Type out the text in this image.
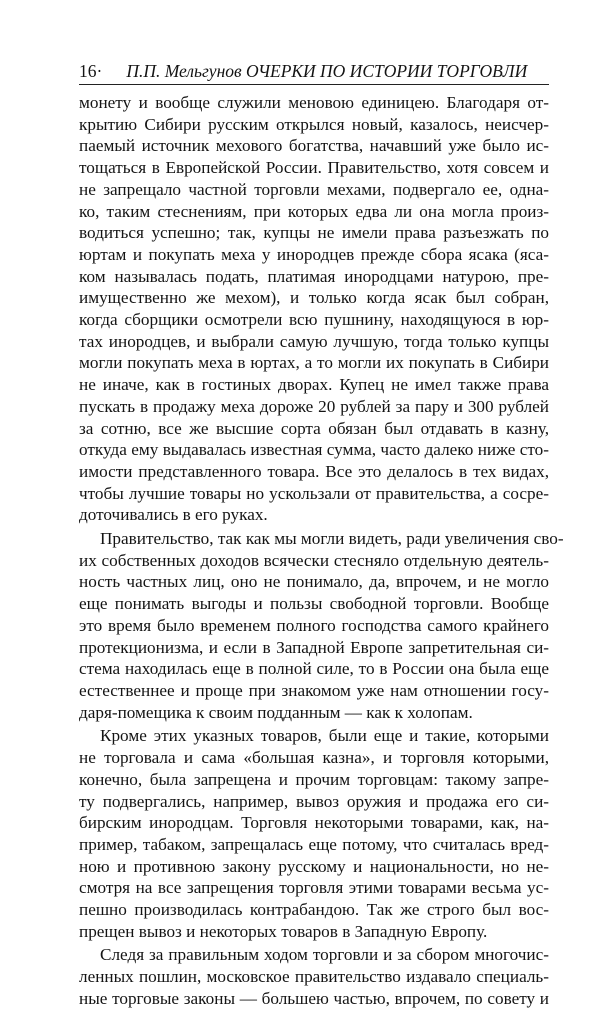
16· П.П. Мельгунов ОЧЕРКИ ПО ИСТОРИИ ТОРГОВЛИ
монету и вообще служили меновою единицею. Благодаря от-
крытию Сибири русским открылся новый, казалось, неисчер-
паемый источник мехового богатства, начавший уже было ис-
тощаться в Европейской России. Правительство, хотя совсем и
не запрещало частной торговли мехами, подвергало ее, одна-
ко, таким стеснениям, при которых едва ли она могла произ-
водиться успешно; так, купцы не имели права разъезжать по
юртам и покупать меха у инородцев прежде сбора ясака (яса-
ком называлась подать, платимая инородцами натурою, пре-
имущественно же мехом), и только когда ясак был собран,
когда сборщики осмотрели всю пушнину, находящуюся в юр-
тах инородцев, и выбрали самую лучшую, тогда только купцы
могли покупать меха в юртах, а то могли их покупать в Сибири
не иначе, как в гостиных дворах. Купец не имел также права
пускать в продажу меха дороже 20 рублей за пару и 300 рублей
за сотню, все же высшие сорта обязан был отдавать в казну,
откуда ему выдавалась известная сумма, часто далеко ниже сто-
имости представленного товара. Все это делалось в тех видах,
чтобы лучшие товары но ускользали от правительства, а сосре-
доточивались в его руках.
Правительство, так как мы могли видеть, ради увеличения сво-
их собственных доходов всячески стесняло отдельную деятель-
ность частных лиц, оно не понимало, да, впрочем, и не могло
еще понимать выгоды и пользы свободной торговли. Вообще
это время было временем полного господства самого крайнего
протекционизма, и если в Западной Европе запретительная си-
стема находилась еще в полной силе, то в России она была еще
естественнее и проще при знакомом уже нам отношении госу-
даря-помещика к своим подданным — как к холопам.
Кроме этих указных товаров, были еще и такие, которыми
не торговала и сама «большая казна», и торговля которыми,
конечно, была запрещена и прочим торговцам: такому запре-
ту подвергались, например, вывоз оружия и продажа его си-
бирским инородцам. Торговля некоторыми товарами, как, на-
пример, табаком, запрещалась еще потому, что считалась вред-
ною и противною закону русскому и национальности, но не-
смотря на все запрещения торговля этими товарами весьма ус-
пешно производилась контрабандою. Так же строго был вос-
прещен вывоз и некоторых товаров в Западную Европу.
Следя за правильным ходом торговли и за сбором многочис-
ленных пошлин, московское правительство издавало специаль-
ные торговые законы — большею частью, впрочем, по совету и
